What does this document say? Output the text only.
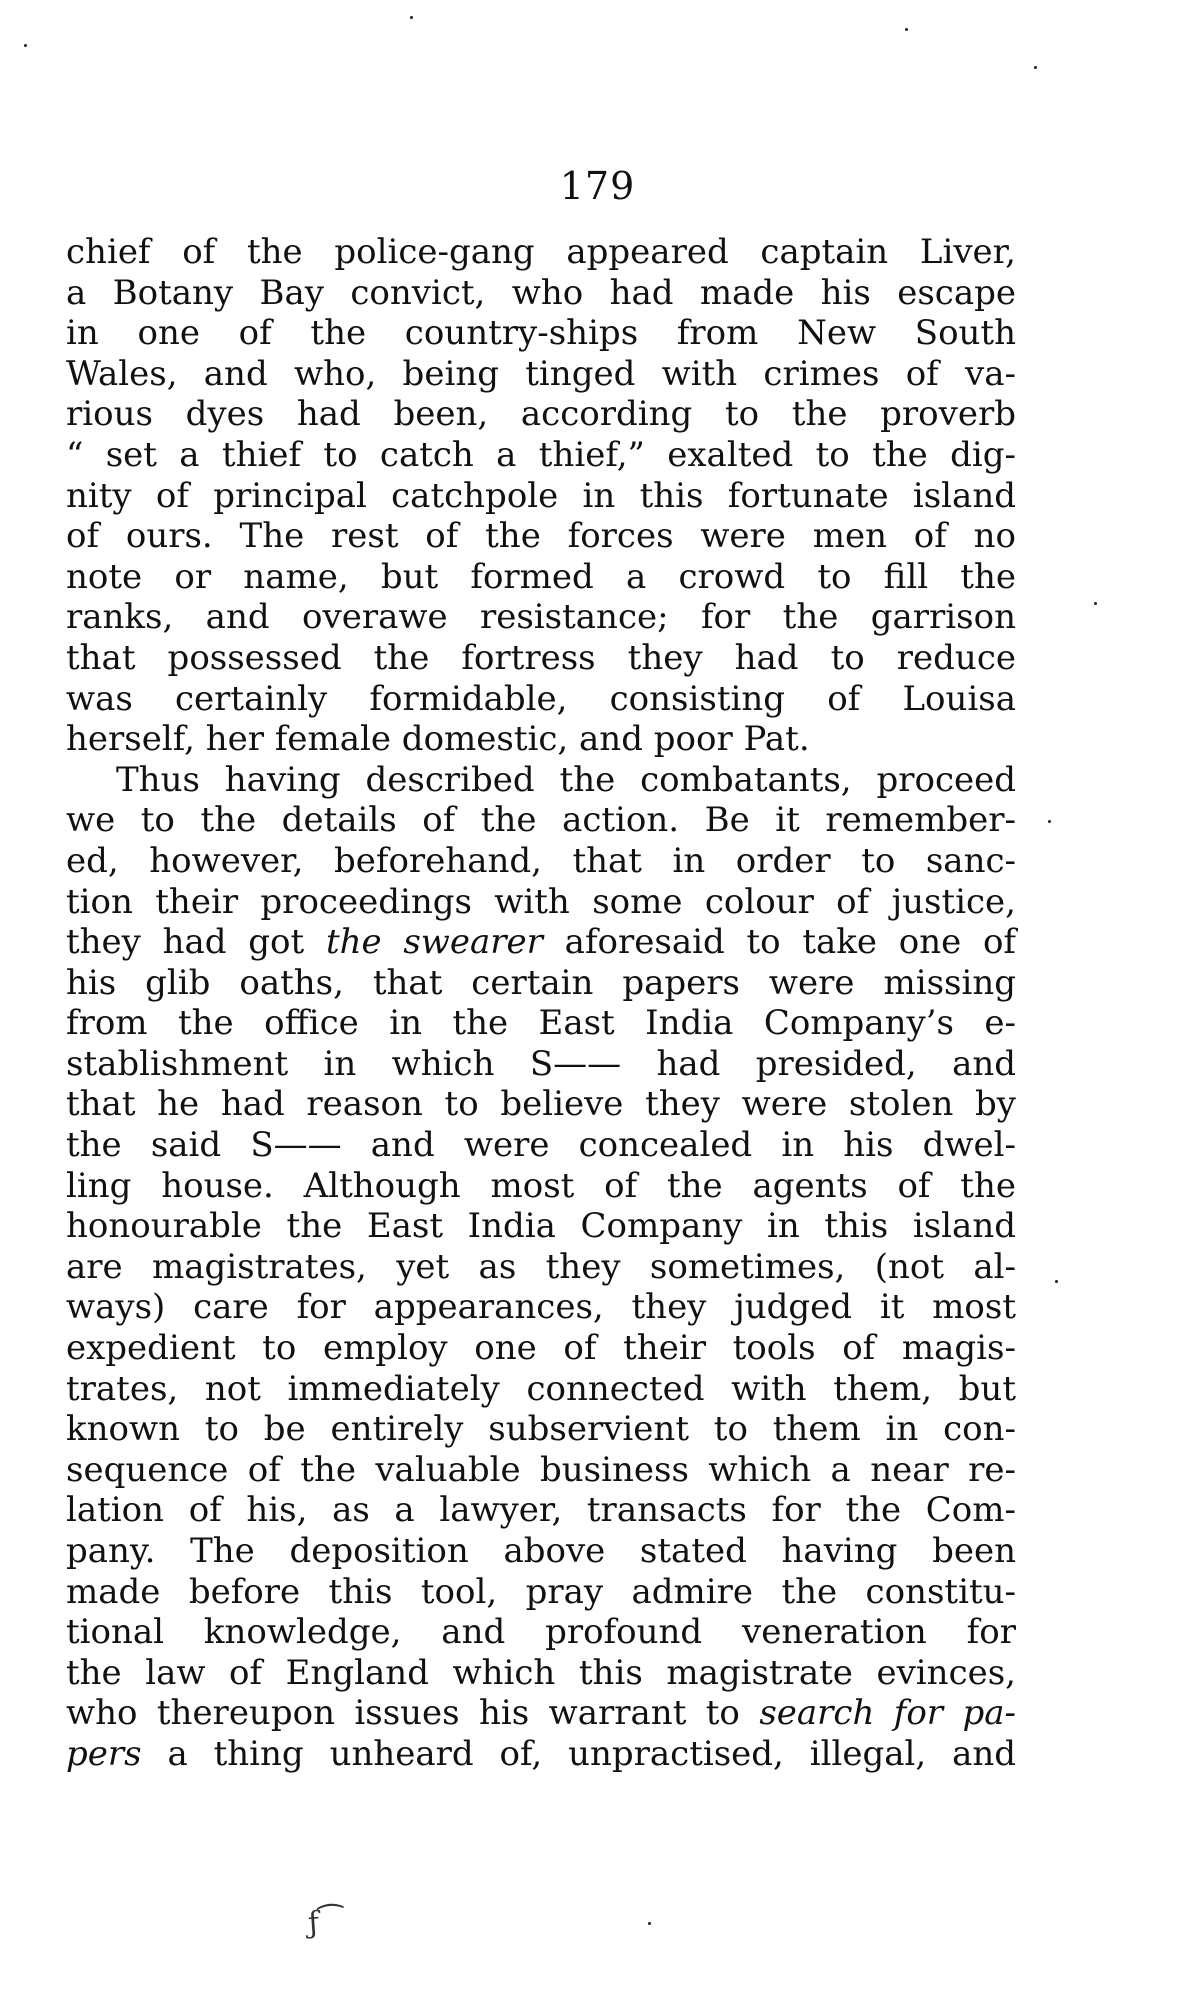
179
chief of the police-gang appeared captain Liver,
a Botany Bay convict, who had made his escape
in one of the country-ships from New South
Wales, and who, being tinged with crimes of va-
rious dyes had been, according to the proverb
“ set a thief to catch a thief,” exalted to the dig-
nity of principal catchpole in this fortunate island
of ours. The rest of the forces were men of no
note or name, but formed a crowd to fill the
ranks, and overawe resistance; for the garrison
that possessed the fortress they had to reduce
was certainly formidable, consisting of Louisa
herself, her female domestic, and poor Pat.
Thus having described the combatants, proceed
we to the details of the action. Be it remember-
ed, however, beforehand, that in order to sanc-
tion their proceedings with some colour of justice,
they had got the swearer aforesaid to take one of
his glib oaths, that certain papers were missing
from the office in the East India Company’s e-
stablishment in which S—— had presided, and
that he had reason to believe they were stolen by
the said S—— and were concealed in his dwel-
ling house. Although most of the agents of the
honourable the East India Company in this island
are magistrates, yet as they sometimes, (not al-
ways) care for appearances, they judged it most
expedient to employ one of their tools of magis-
trates, not immediately connected with them, but
known to be entirely subservient to them in con-
sequence of the valuable business which a near re-
lation of his, as a lawyer, transacts for the Com-
pany. The deposition above stated having been
made before this tool, pray admire the constitu-
tional knowledge, and profound veneration for
the law of England which this magistrate evinces,
who thereupon issues his warrant to search for pa-
pers a thing unheard of, unpractised, illegal, and
ƒ⁀
